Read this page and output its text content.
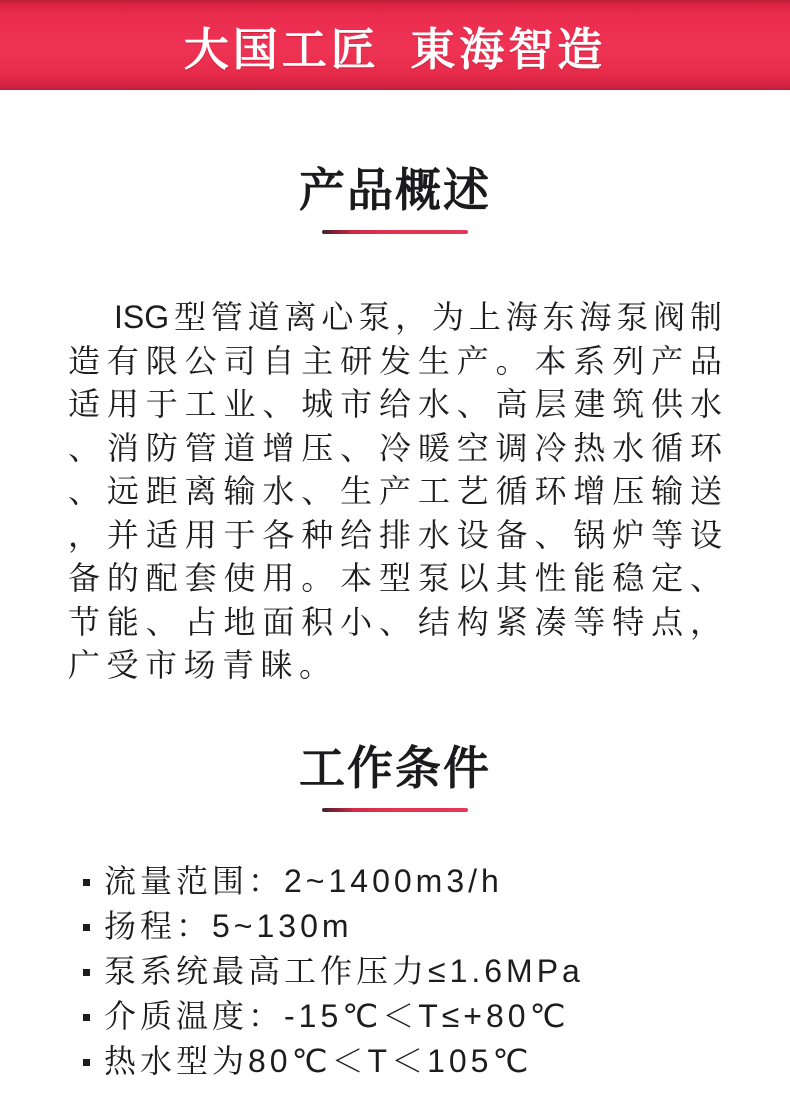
大国工匠 東海智造
产品概述
ISG型管道离心泵，为上海东海泵阀制
造有限公司自主研发生产。本系列产品
适用于工业、城市给水、高层建筑供水
、消防管道增压、冷暖空调冷热水循环
、远距离输水、生产工艺循环增压输送
，并适用于各种给排水设备、锅炉等设
备的配套使用。本型泵以其性能稳定、
节能、占地面积小、结构紧凑等特点，
广受市场青睐。
工作条件
流量范围：2~1400m3/h
扬程：5~130m
泵系统最高工作压力≤1.6MPa
介质温度：-15℃＜T≤+80℃
热水型为80℃＜T＜105℃
